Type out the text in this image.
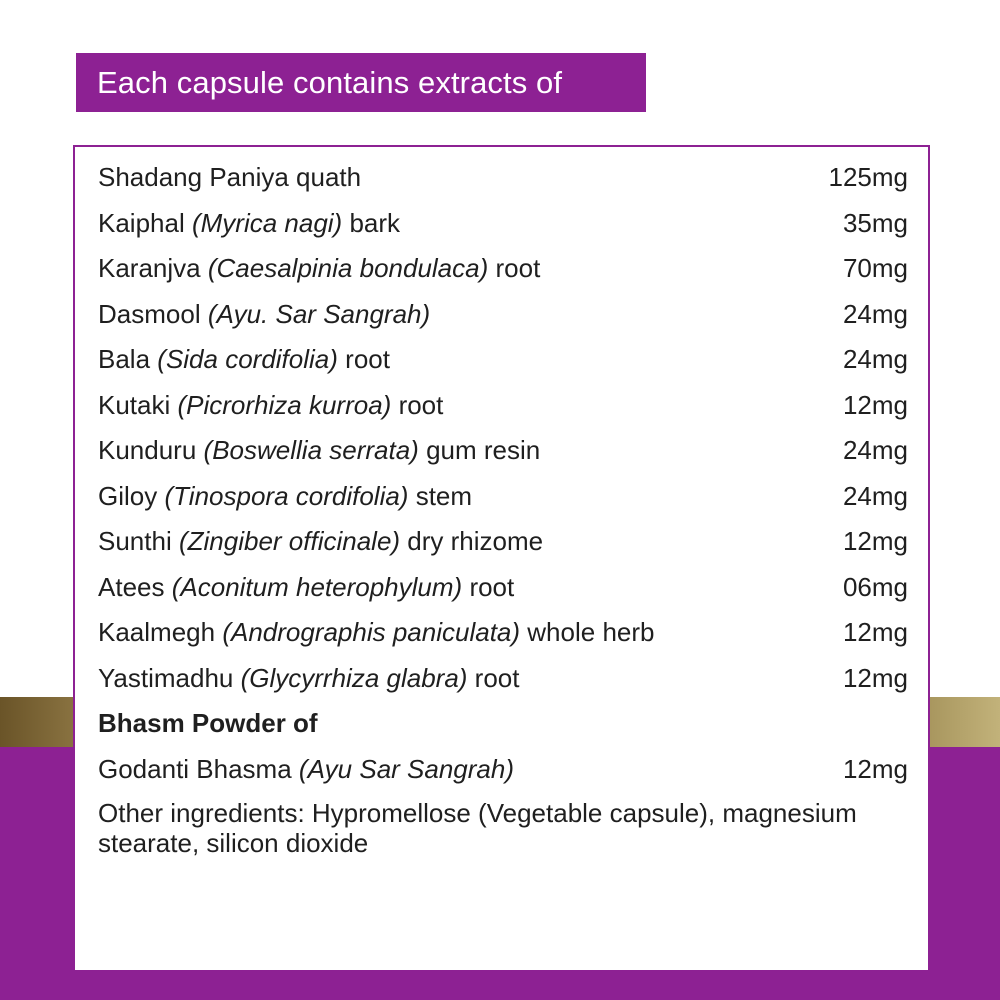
Each capsule contains extracts of
Shadang Paniya quath	125mg
Kaiphal (Myrica nagi) bark	35mg
Karanjva (Caesalpinia bondulaca) root	70mg
Dasmool (Ayu. Sar Sangrah)	24mg
Bala (Sida cordifolia) root	24mg
Kutaki (Picrorhiza kurroa) root	12mg
Kunduru (Boswellia serrata) gum resin	24mg
Giloy (Tinospora cordifolia) stem	24mg
Sunthi (Zingiber officinale) dry rhizome	12mg
Atees (Aconitum heterophylum) root	06mg
Kaalmegh (Andrographis paniculata) whole herb	12mg
Yastimadhu (Glycyrrhiza glabra) root	12mg
Bhasm Powder of
Godanti Bhasma (Ayu Sar Sangrah)	12mg
Other ingredients: Hypromellose (Vegetable capsule), magnesium stearate, silicon dioxide
